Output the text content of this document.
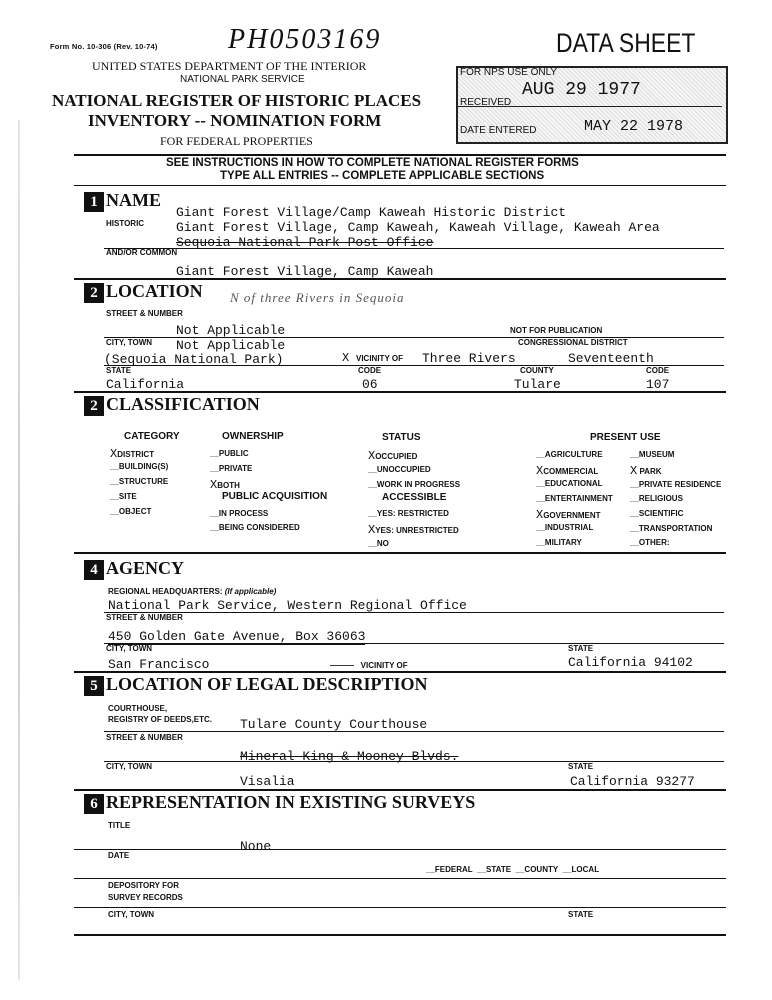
Form No. 10-306 (Rev. 10-74)	PH0503169	DATA SHEET
UNITED STATES DEPARTMENT OF THE INTERIOR
NATIONAL PARK SERVICE
NATIONAL REGISTER OF HISTORIC PLACES
INVENTORY -- NOMINATION FORM
FOR FEDERAL PROPERTIES
FOR NPS USE ONLY
RECEIVED
AUG 29 1977
DATE ENTERED	MAY 22 1978
SEE INSTRUCTIONS IN HOW TO COMPLETE NATIONAL REGISTER FORMS
TYPE ALL ENTRIES -- COMPLETE APPLICABLE SECTIONS
1 NAME
HISTORIC
Giant Forest Village/Camp Kaweah Historic District
Giant Forest Village, Camp Kaweah, Kaweah Village, Kaweah Area
Sequoia National Park Post Office
AND/OR COMMON
Giant Forest Village, Camp Kaweah
2 LOCATION N of three Rivers in Sequoia
STREET & NUMBER
Not Applicable	NOT FOR PUBLICATION
CITY, TOWN Not Applicable	CONGRESSIONAL DISTRICT
(Sequoia National Park)	X VICINITY OF Three Rivers	Seventeenth
STATE	CODE	COUNTY	CODE
California	06	Tulare	107
2 CLASSIFICATION
CATEGORY
XDISTRICT
__BUILDING(S)
__STRUCTURE
__SITE
__OBJECT
OWNERSHIP
__PUBLIC
__PRIVATE
XBOTH
PUBLIC ACQUISITION
__IN PROCESS
__BEING CONSIDERED
STATUS
XOCCUPIED
__UNOCCUPIED
__WORK IN PROGRESS
ACCESSIBLE
__YES: RESTRICTED
XYES: UNRESTRICTED
__NO
PRESENT USE
__AGRICULTURE
XCOMMERCIAL
__EDUCATIONAL
__ENTERTAINMENT
XGOVERNMENT
__INDUSTRIAL
__MILITARY
__MUSEUM
X PARK
__PRIVATE RESIDENCE
__RELIGIOUS
__SCIENTIFIC
__TRANSPORTATION
__OTHER:
4 AGENCY
REGIONAL HEADQUARTERS: (If applicable)
National Park Service, Western Regional Office
STREET & NUMBER
450 Golden Gate Avenue, Box 36063
CITY, TOWN	STATE
San Francisco	———   VICINITY OF	California 94102
5 LOCATION OF LEGAL DESCRIPTION
COURTHOUSE,
REGISTRY OF DEEDS,ETC. Tulare County Courthouse
STREET & NUMBER
Mineral King & Mooney Blvds.
CITY, TOWN	STATE
Visalia	California 93277
6 REPRESENTATION IN EXISTING SURVEYS
TITLE
None
DATE
__FEDERAL  __STATE  __COUNTY  __LOCAL
DEPOSITORY FOR
SURVEY RECORDS
CITY, TOWN	STATE
